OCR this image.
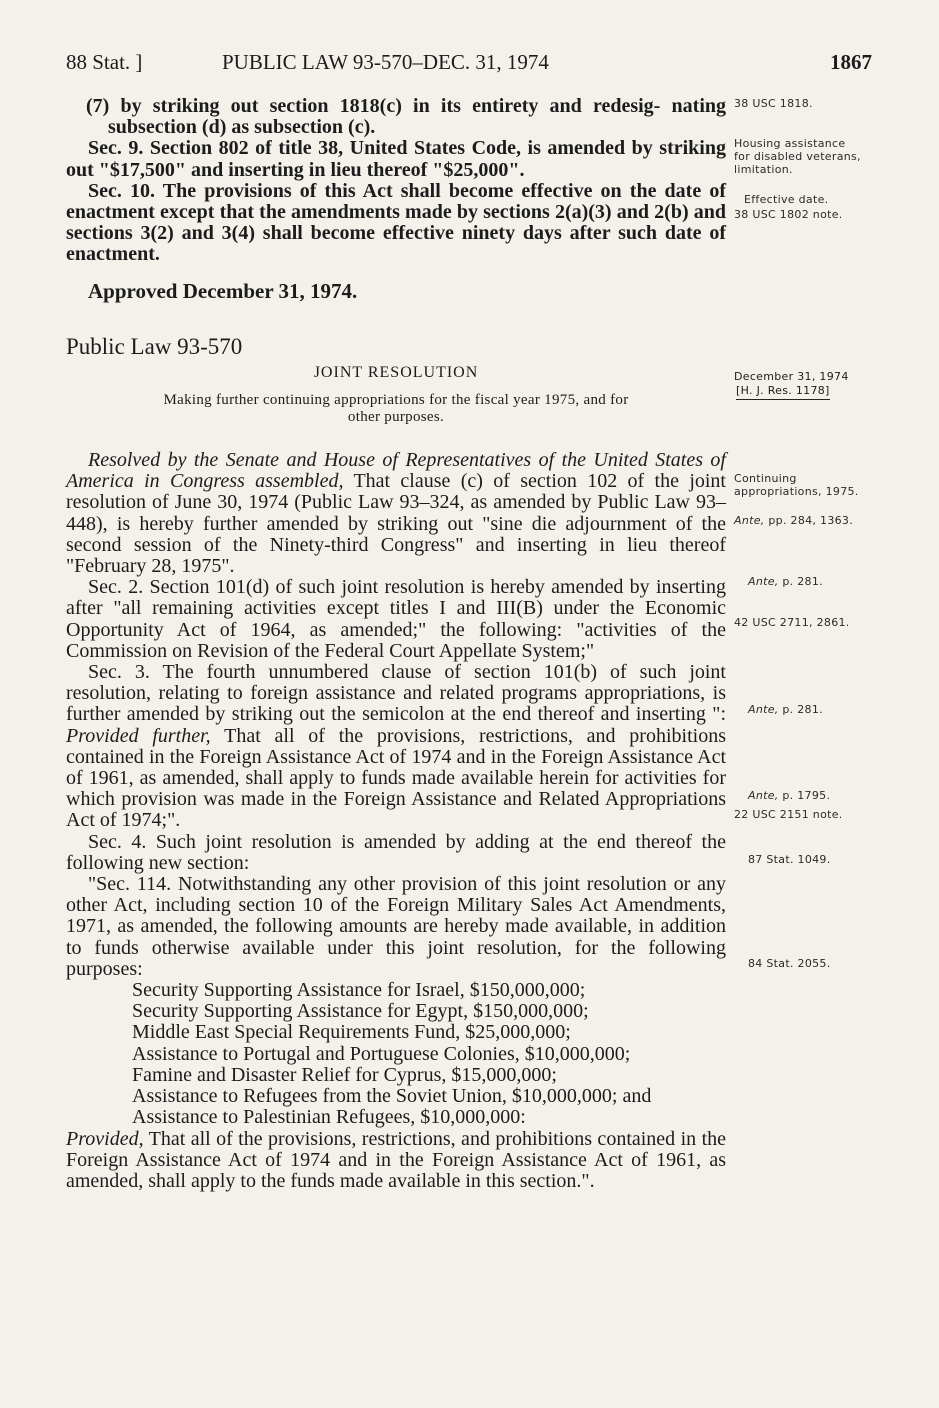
88 Stat. ]	PUBLIC LAW 93-570–DEC. 31, 1974	1867

(7) by striking out section 1818(c) in its entirety and redesig- nating subsection (d) as subsection (c).

Sec. 9. Section 802 of title 38, United States Code, is amended by striking out "$17,500" and inserting in lieu thereof "$25,000".

Sec. 10. The provisions of this Act shall become effective on the date of enactment except that the amendments made by sections 2(a)(3) and 2(b) and sections 3(2) and 3(4) shall become effective ninety days after such date of enactment.

Approved December 31, 1974.

Public Law 93-570
JOINT RESOLUTION
Making further continuing appropriations for the fiscal year 1975, and for
other purposes.

Resolved by the Senate and House of Representatives of the United States of America in Congress assembled, That clause (c) of section 102 of the joint resolution of June 30, 1974 (Public Law 93–324, as amended by Public Law 93–448), is hereby further amended by striking out "sine die adjournment of the second session of the Ninety-third Congress" and inserting in lieu thereof "February 28, 1975".

Sec. 2. Section 101(d) of such joint resolution is hereby amended by inserting after "all remaining activities except titles I and III(B) under the Economic Opportunity Act of 1964, as amended;" the following: "activities of the Commission on Revision of the Federal Court Appellate System;"

Sec. 3. The fourth unnumbered clause of section 101(b) of such joint resolution, relating to foreign assistance and related programs appropriations, is further amended by striking out the semicolon at the end thereof and inserting ": Provided further, That all of the provisions, restrictions, and prohibitions contained in the Foreign Assistance Act of 1974 and in the Foreign Assistance Act of 1961, as amended, shall apply to funds made available herein for activities for which provision was made in the Foreign Assistance and Related Appropriations Act of 1974;".

Sec. 4. Such joint resolution is amended by adding at the end thereof the following new section:

"Sec. 114. Notwithstanding any other provision of this joint resolution or any other Act, including section 10 of the Foreign Military Sales Act Amendments, 1971, as amended, the following amounts are hereby made available, in addition to funds otherwise available under this joint resolution, for the following purposes:

Security Supporting Assistance for Israel, $150,000,000;
Security Supporting Assistance for Egypt, $150,000,000;
Middle East Special Requirements Fund, $25,000,000;
Assistance to Portugal and Portuguese Colonies, $10,000,000;
Famine and Disaster Relief for Cyprus, $15,000,000;
Assistance to Refugees from the Soviet Union, $10,000,000; and
Assistance to Palestinian Refugees, $10,000,000:

Provided, That all of the provisions, restrictions, and prohibitions contained in the Foreign Assistance Act of 1974 and in the Foreign Assistance Act of 1961, as amended, shall apply to the funds made available in this section.".

38 USC 1818.
Housing assistance for disabled veterans, limitation.
Effective date.
38 USC 1802 note.
December 31, 1974
[H. J. Res. 1178]
Continuing appropriations, 1975.
Ante, pp. 284, 1363.
Ante, p. 281.
42 USC 2711, 2861.
Ante, p. 281.
Ante, p. 1795.
22 USC 2151 note.
87 Stat. 1049.
84 Stat. 2055.
